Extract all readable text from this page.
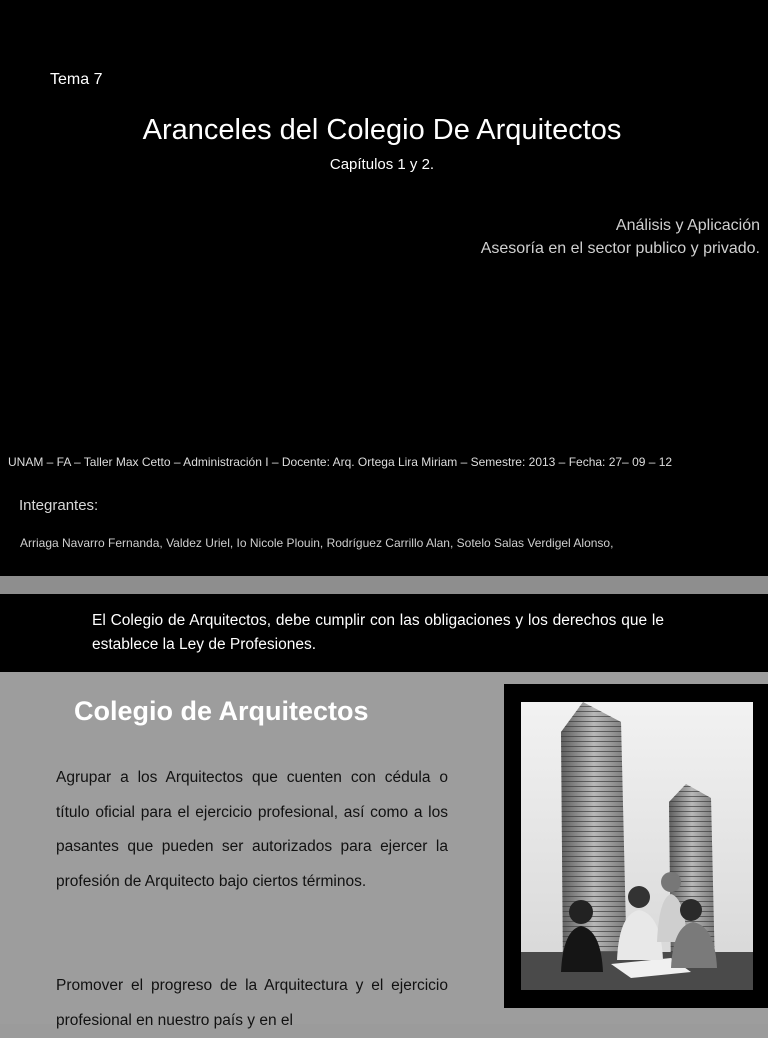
Tema 7
Aranceles del Colegio De Arquitectos
Capítulos 1 y 2.
Análisis y Aplicación
Asesoría en el sector publico y privado.
UNAM – FA – Taller Max Cetto – Administración I – Docente: Arq. Ortega Lira Miriam – Semestre: 2013 – Fecha: 27– 09 – 12
Integrantes:
Arriaga Navarro Fernanda, Valdez Uriel, Io Nicole Plouin, Rodríguez Carrillo Alan, Sotelo Salas Verdigel Alonso,
El Colegio de Arquitectos, debe cumplir con las obligaciones y los derechos que le establece la Ley de Profesiones.
Colegio de Arquitectos
Agrupar a los Arquitectos que cuenten con cédula o título oficial para el ejercicio profesional, así como a los pasantes que pueden ser autorizados para ejercer la profesión de Arquitecto bajo ciertos términos.
Promover el progreso de la Arquitectura y el ejercicio profesional en nuestro país y en el
